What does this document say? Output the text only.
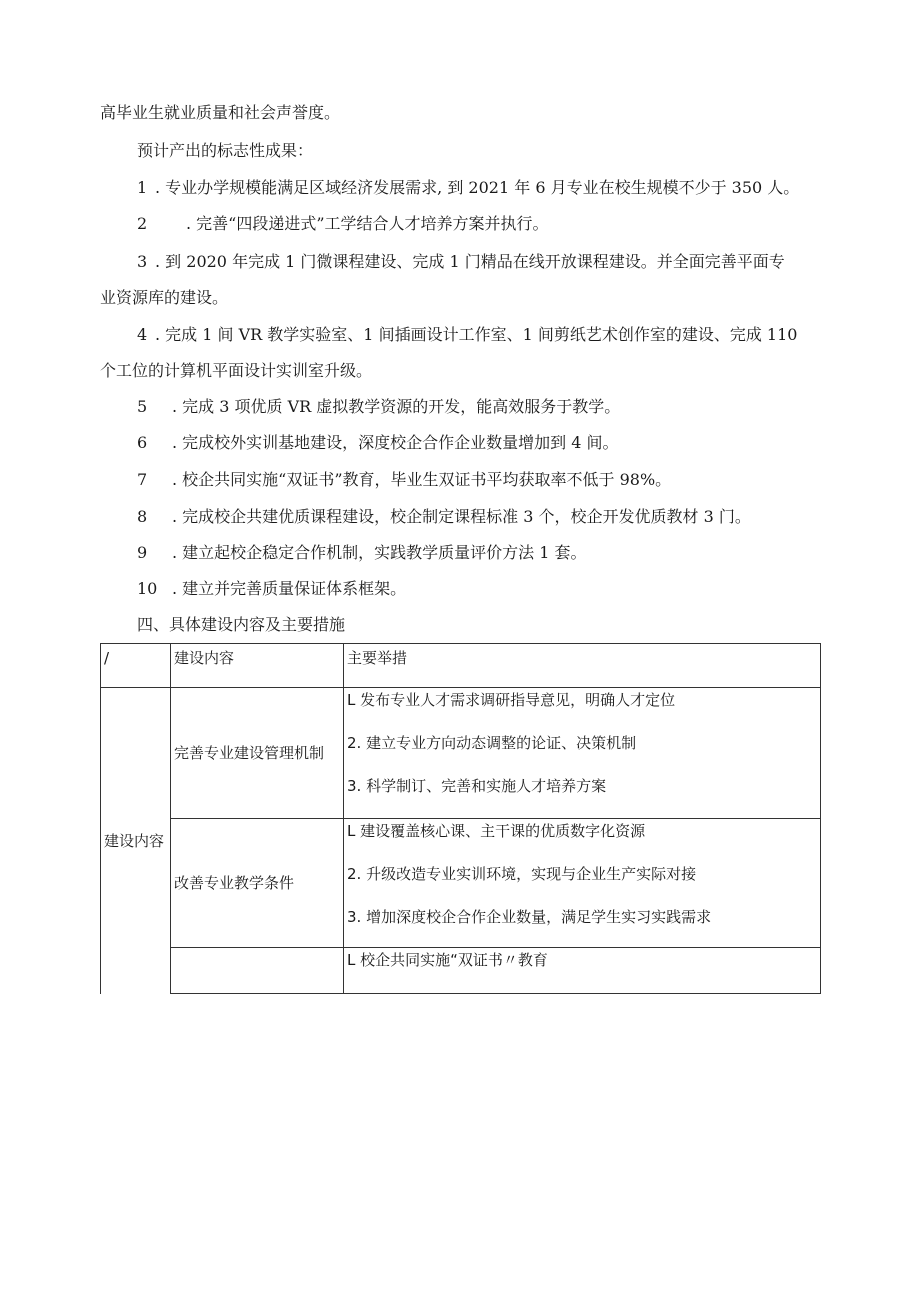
高毕业生就业质量和社会声誉度。
预计产出的标志性成果：
1 . 专业办学规模能满足区域经济发展需求, 到 2021 年 6 月专业在校生规模不少于 350 人。
2 . 完善“四段递进式”工学结合人才培养方案并执行。
3 . 到 2020 年完成 1 门微课程建设、完成 1 门精品在线开放课程建设。并全面完善平面专
业资源库的建设。
4 . 完成 1 间 VR 教学实验室、1 间插画设计工作室、1 间剪纸艺术创作室的建设、完成 110
个工位的计算机平面设计实训室升级。
5 . 完成 3 项优质 VR 虚拟教学资源的开发，能高效服务于教学。
6 . 完成校外实训基地建设，深度校企合作企业数量增加到 4 间。
7 . 校企共同实施“双证书”教育，毕业生双证书平均获取率不低于 98%。
8 . 完成校企共建优质课程建设，校企制定课程标准 3 个，校企开发优质教材 3 门。
9 . 建立起校企稳定合作机制，实践教学质量评价方法 1 套。
10 . 建立并完善质量保证体系框架。
四、具体建设内容及主要措施
/	建设内容	主要举措

建设内容	完善专业建设管理机制	L 发布专业人才需求调研指导意见，明确人才定位
2. 建立专业方向动态调整的论证、决策机制
3. 科学制订、完善和实施人才培养方案

	改善专业教学条件	L 建设覆盖核心课、主干课的优质数字化资源
2. 升级改造专业实训环境，实现与企业生产实际对接
3. 增加深度校企合作企业数量，满足学生实习实践需求

		L 校企共同实施“双证书〃教育
